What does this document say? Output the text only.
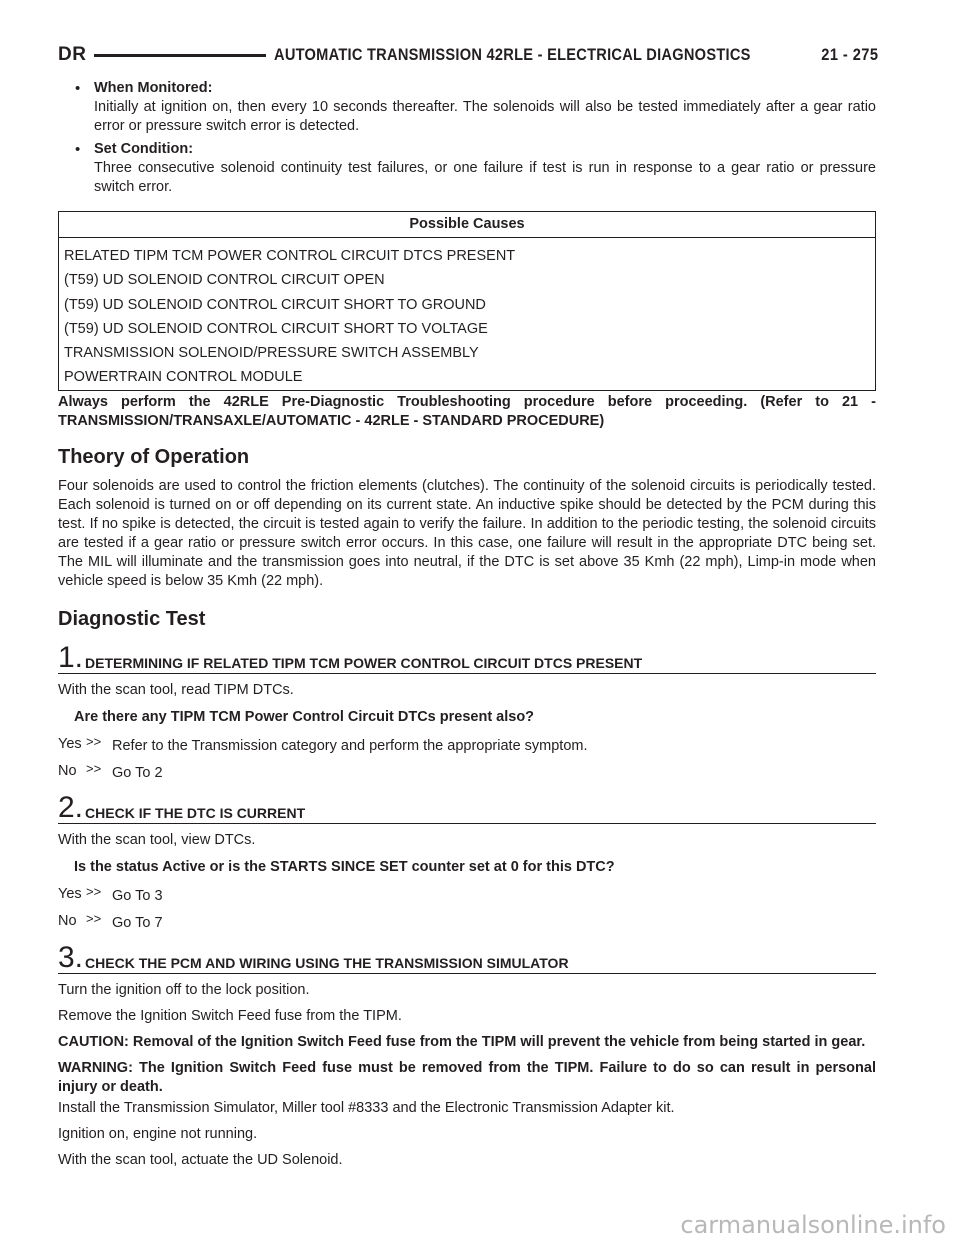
DR	AUTOMATIC TRANSMISSION 42RLE - ELECTRICAL DIAGNOSTICS	21 - 275
• When Monitored:
Initially at ignition on, then every 10 seconds thereafter. The solenoids will also be tested immediately after a gear ratio error or pressure switch error is detected.
• Set Condition:
Three consecutive solenoid continuity test failures, or one failure if test is run in response to a gear ratio or pressure switch error.
Possible Causes
RELATED TIPM TCM POWER CONTROL CIRCUIT DTCS PRESENT
(T59) UD SOLENOID CONTROL CIRCUIT OPEN
(T59) UD SOLENOID CONTROL CIRCUIT SHORT TO GROUND
(T59) UD SOLENOID CONTROL CIRCUIT SHORT TO VOLTAGE
TRANSMISSION SOLENOID/PRESSURE SWITCH ASSEMBLY
POWERTRAIN CONTROL MODULE
Always perform the 42RLE Pre-Diagnostic Troubleshooting procedure before proceeding. (Refer to 21 - TRANSMISSION/TRANSAXLE/AUTOMATIC - 42RLE - STANDARD PROCEDURE)
Theory of Operation
Four solenoids are used to control the friction elements (clutches). The continuity of the solenoid circuits is periodically tested. Each solenoid is turned on or off depending on its current state. An inductive spike should be detected by the PCM during this test. If no spike is detected, the circuit is tested again to verify the failure. In addition to the periodic testing, the solenoid circuits are tested if a gear ratio or pressure switch error occurs. In this case, one failure will result in the appropriate DTC being set. The MIL will illuminate and the transmission goes into neutral, if the DTC is set above 35 Kmh (22 mph), Limp-in mode when vehicle speed is below 35 Kmh (22 mph).
Diagnostic Test
1. DETERMINING IF RELATED TIPM TCM POWER CONTROL CIRCUIT DTCS PRESENT
With the scan tool, read TIPM DTCs.
Are there any TIPM TCM Power Control Circuit DTCs present also?
Yes >> Refer to the Transmission category and perform the appropriate symptom.
No >> Go To 2
2. CHECK IF THE DTC IS CURRENT
With the scan tool, view DTCs.
Is the status Active or is the STARTS SINCE SET counter set at 0 for this DTC?
Yes >> Go To 3
No >> Go To 7
3. CHECK THE PCM AND WIRING USING THE TRANSMISSION SIMULATOR
Turn the ignition off to the lock position.
Remove the Ignition Switch Feed fuse from the TIPM.
CAUTION: Removal of the Ignition Switch Feed fuse from the TIPM will prevent the vehicle from being started in gear.
WARNING: The Ignition Switch Feed fuse must be removed from the TIPM. Failure to do so can result in personal injury or death.
Install the Transmission Simulator, Miller tool #8333 and the Electronic Transmission Adapter kit.
Ignition on, engine not running.
With the scan tool, actuate the UD Solenoid.
carmanualsonline.info
